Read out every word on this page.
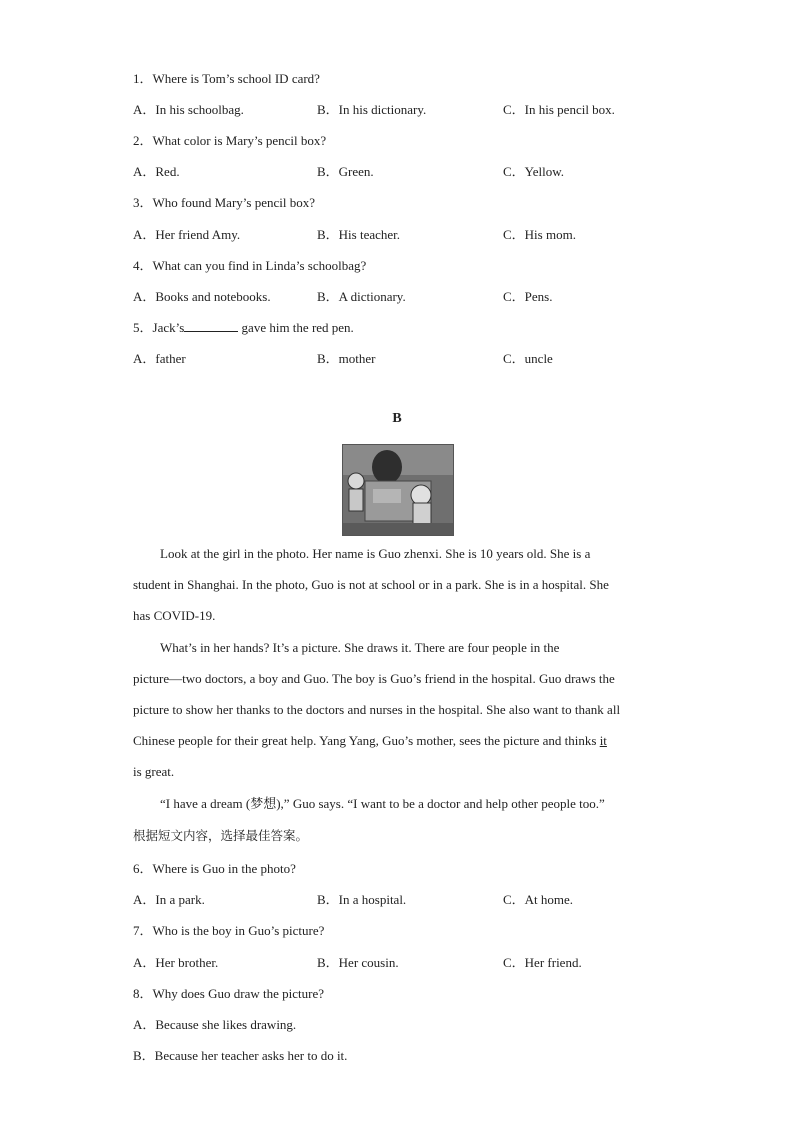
1．Where is Tom’s school ID card?
A．In his schoolbag.	B．In his dictionary.	C．In his pencil box.
2．What color is Mary’s pencil box?
A．Red.	B．Green.	C．Yellow.
3．Who found Mary’s pencil box?
A．Her friend Amy.	B．His teacher.	C．His mom.
4．What can you find in Linda’s schoolbag?
A．Books and notebooks.	B．A dictionary.	C．Pens.
5．Jack’s	gave him the red pen.
A．father	B．mother	C．uncle
B
Look at the girl in the photo. Her name is Guo zhenxi. She is 10 years old. She is a
student in Shanghai. In the photo, Guo is not at school or in a park. She is in a hospital. She
has COVID-19.
What’s in her hands? It’s a picture. She draws it. There are four people in the
picture—two doctors, a boy and Guo. The boy is Guo’s friend in the hospital. Guo draws the
picture to show her thanks to the doctors and nurses in the hospital. She also want to thank all
Chinese people for their great help. Yang Yang, Guo’s mother, sees the picture and thinks it
is great.
“I have a dream (梦想),” Guo says. “I want to be a doctor and help other people too.”
根据短文内容，选择最佳答案。
6．Where is Guo in the photo?
A．In a park.	B．In a hospital.	C．At home.
7．Who is the boy in Guo’s picture?
A．Her brother.	B．Her cousin.	C．Her friend.
8．Why does Guo draw the picture?
A．Because she likes drawing.
B．Because her teacher asks her to do it.
